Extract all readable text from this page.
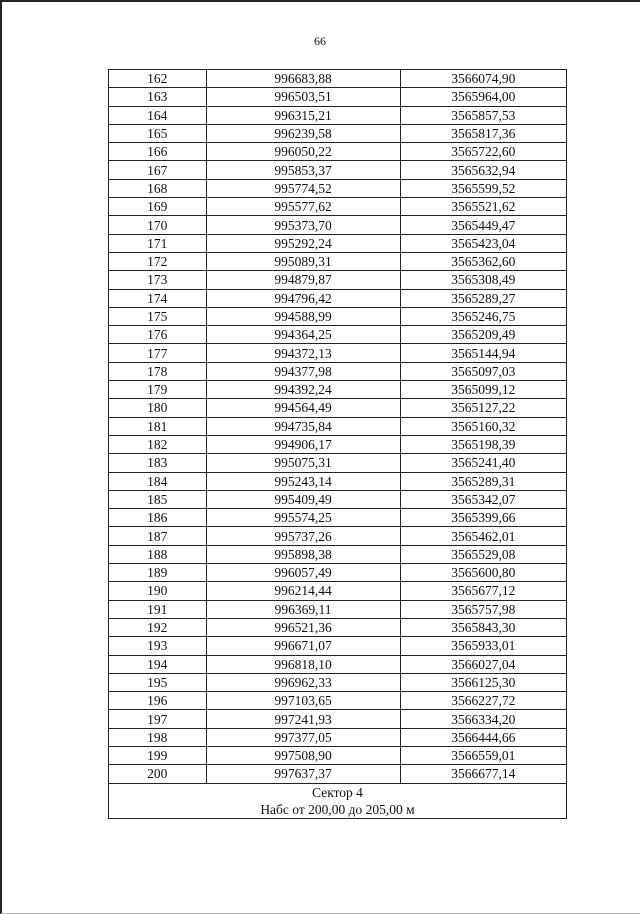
66
162	996683,88	3566074,90
163	996503,51	3565964,00
164	996315,21	3565857,53
165	996239,58	3565817,36
166	996050,22	3565722,60
167	995853,37	3565632,94
168	995774,52	3565599,52
169	995577,62	3565521,62
170	995373,70	3565449,47
171	995292,24	3565423,04
172	995089,31	3565362,60
173	994879,87	3565308,49
174	994796,42	3565289,27
175	994588,99	3565246,75
176	994364,25	3565209,49
177	994372,13	3565144,94
178	994377,98	3565097,03
179	994392,24	3565099,12
180	994564,49	3565127,22
181	994735,84	3565160,32
182	994906,17	3565198,39
183	995075,31	3565241,40
184	995243,14	3565289,31
185	995409,49	3565342,07
186	995574,25	3565399,66
187	995737,26	3565462,01
188	995898,38	3565529,08
189	996057,49	3565600,80
190	996214,44	3565677,12
191	996369,11	3565757,98
192	996521,36	3565843,30
193	996671,07	3565933,01
194	996818,10	3566027,04
195	996962,33	3566125,30
196	997103,65	3566227,72
197	997241,93	3566334,20
198	997377,05	3566444,66
199	997508,90	3566559,01
200	997637,37	3566677,14

Сектор 4
Набс от 200,00 до 205,00 м		
